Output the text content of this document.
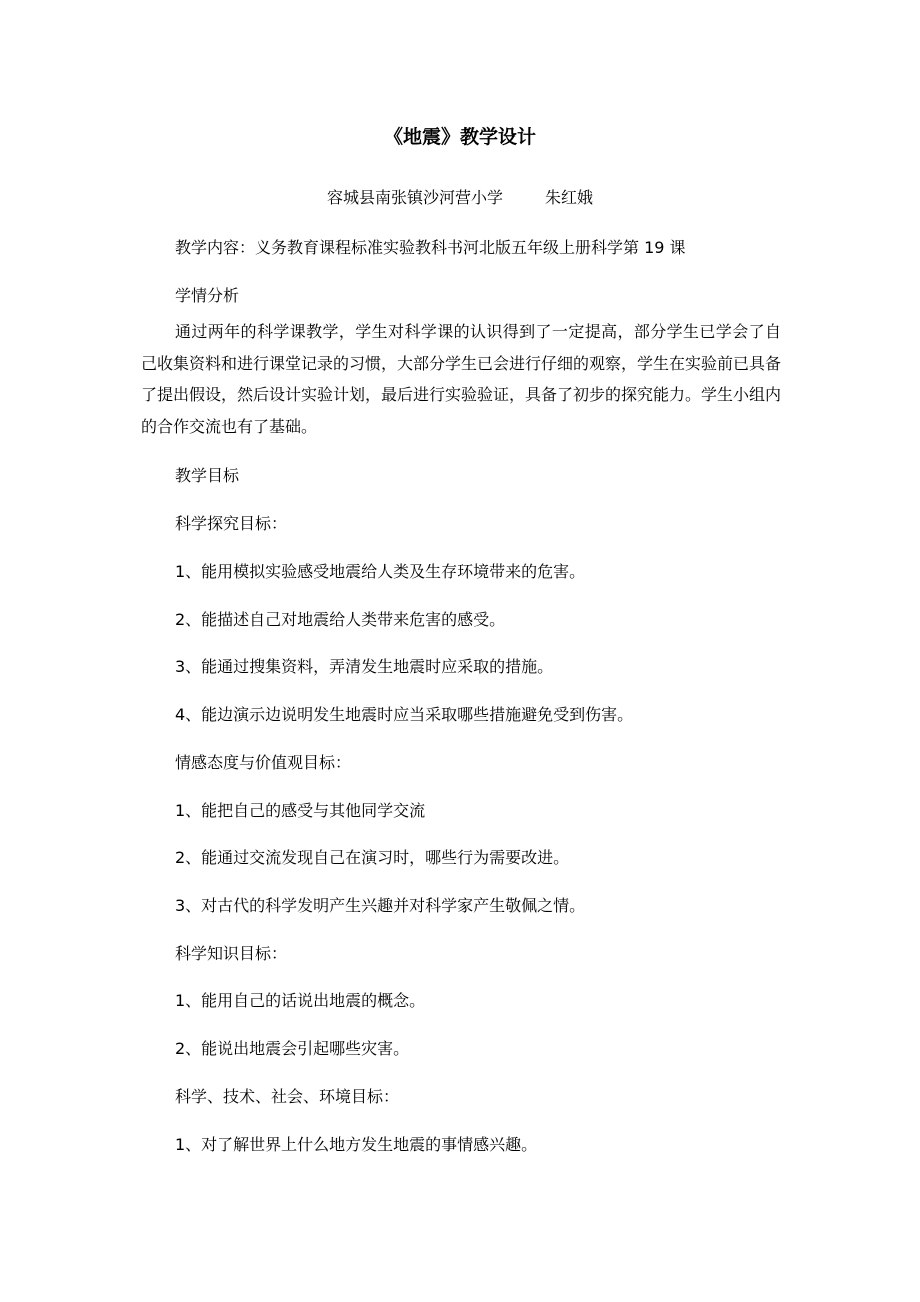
《地震》教学设计
容城县南张镇沙河营小学	朱红娥
教学内容：义务教育课程标准实验教科书河北版五年级上册科学第 19 课
学情分析
通过两年的科学课教学，学生对科学课的认识得到了一定提高，部分学生已学会了自己收集资料和进行课堂记录的习惯，大部分学生已会进行仔细的观察，学生在实验前已具备了提出假设，然后设计实验计划，最后进行实验验证，具备了初步的探究能力。学生小组内的合作交流也有了基础。
教学目标
科学探究目标：
1、能用模拟实验感受地震给人类及生存环境带来的危害。
2、能描述自己对地震给人类带来危害的感受。
3、能通过搜集资料，弄清发生地震时应采取的措施。
4、能边演示边说明发生地震时应当采取哪些措施避免受到伤害。
情感态度与价值观目标：
1、能把自己的感受与其他同学交流
2、能通过交流发现自己在演习时，哪些行为需要改进。
3、对古代的科学发明产生兴趣并对科学家产生敬佩之情。
科学知识目标：
1、能用自己的话说出地震的概念。
2、能说出地震会引起哪些灾害。
科学、技术、社会、环境目标：
1、对了解世界上什么地方发生地震的事情感兴趣。
